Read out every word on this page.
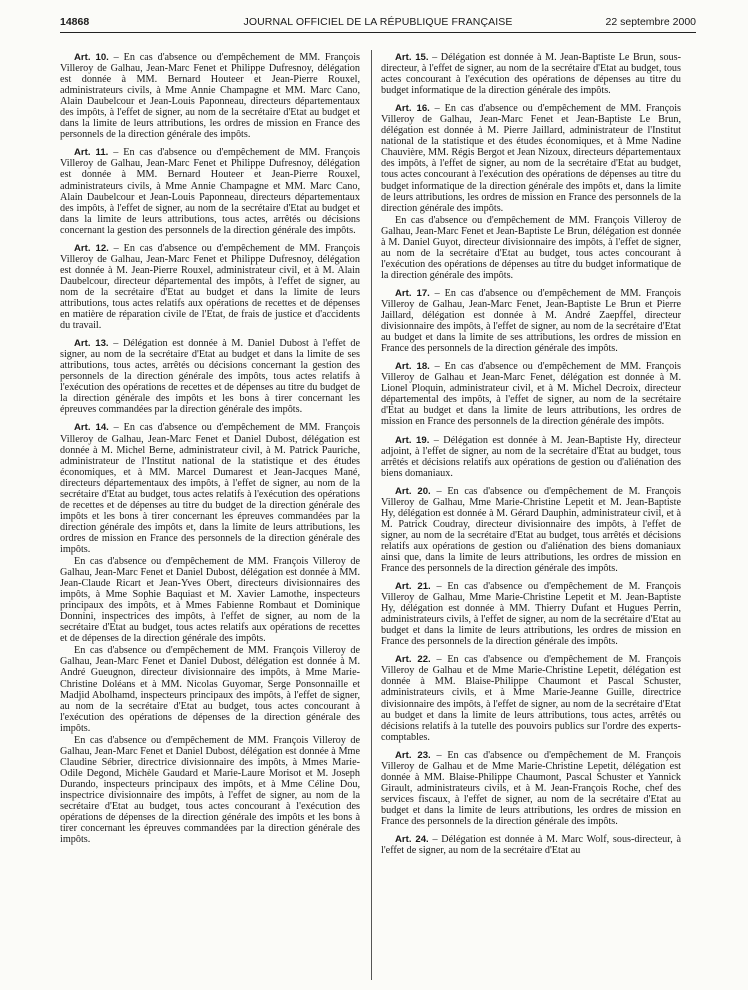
14868	JOURNAL OFFICIEL DE LA RÉPUBLIQUE FRANÇAISE	22 septembre 2000

Art. 10. – En cas d'absence ou d'empêchement de MM. François Villeroy de Galhau, Jean-Marc Fenet et Philippe Dufresnoy, délégation est donnée à MM. Bernard Houteer et Jean-Pierre Rouxel, administrateurs civils, à Mme Annie Champagne et MM. Marc Cano, Alain Daubelcour et Jean-Louis Paponneau, directeurs départementaux des impôts, à l'effet de signer, au nom de la secrétaire d'Etat au budget et dans la limite de leurs attributions, les ordres de mission en France des personnels de la direction générale des impôts.

Art. 11. – En cas d'absence ou d'empêchement de MM. François Villeroy de Galhau, Jean-Marc Fenet et Philippe Dufresnoy, délégation est donnée à MM. Bernard Houteer et Jean-Pierre Rouxel, administrateurs civils, à Mme Annie Champagne et MM. Marc Cano, Alain Daubelcour et Jean-Louis Paponneau, directeurs départementaux des impôts, à l'effet de signer, au nom de la secrétaire d'Etat au budget et dans la limite de leurs attributions, tous actes, arrêtés ou décisions concernant la gestion des personnels de la direction générale des impôts.

Art. 12. – En cas d'absence ou d'empêchement de MM. François Villeroy de Galhau, Jean-Marc Fenet et Philippe Dufresnoy, délégation est donnée à M. Jean-Pierre Rouxel, administrateur civil, et à M. Alain Daubelcour, directeur départemental des impôts, à l'effet de signer, au nom de la secrétaire d'Etat au budget et dans la limite de leurs attributions, tous actes relatifs aux opérations de recettes et de dépenses en matière de réparation civile de l'Etat, de frais de justice et d'accidents du travail.

Art. 13. – Délégation est donnée à M. Daniel Dubost à l'effet de signer, au nom de la secrétaire d'Etat au budget et dans la limite de ses attributions, tous actes, arrêtés ou décisions concernant la gestion des personnels de la direction générale des impôts, tous actes relatifs à l'exécution des opérations de recettes et de dépenses au titre du budget de la direction générale des impôts et les bons à tirer concernant les épreuves commandées par la direction générale des impôts.

Art. 14. – En cas d'absence ou d'empêchement de MM. François Villeroy de Galhau, Jean-Marc Fenet et Daniel Dubost, délégation est donnée à M. Michel Berne, administrateur civil, à M. Patrick Pauriche, administrateur de l'Institut national de la statistique et des études économiques, et à MM. Marcel Dumarest et Jean-Jacques Mané, directeurs départementaux des impôts, à l'effet de signer, au nom de la secrétaire d'Etat au budget, tous actes relatifs à l'exécution des opérations de recettes et de dépenses au titre du budget de la direction générale des impôts et les bons à tirer concernant les épreuves commandées par la direction générale des impôts et, dans la limite de leurs attributions, les ordres de mission en France des personnels de la direction générale des impôts.

En cas d'absence ou d'empêchement de MM. François Villeroy de Galhau, Jean-Marc Fenet et Daniel Dubost, délégation est donnée à MM. Jean-Claude Ricart et Jean-Yves Obert, directeurs divisionnaires des impôts, à Mme Sophie Baquiast et M. Xavier Lamothe, inspecteurs principaux des impôts, et à Mmes Fabienne Rombaut et Dominique Donnini, inspectrices des impôts, à l'effet de signer, au nom de la secrétaire d'Etat au budget, tous actes relatifs aux opérations de recettes et de dépenses de la direction générale des impôts.

En cas d'absence ou d'empêchement de MM. François Villeroy de Galhau, Jean-Marc Fenet et Daniel Dubost, délégation est donnée à M. André Gueugnon, directeur divisionnaire des impôts, à Mme Marie-Christine Doléans et à MM. Nicolas Guyomar, Serge Ponsonnaille et Madjid Abolhamd, inspecteurs principaux des impôts, à l'effet de signer, au nom de la secrétaire d'Etat au budget, tous actes concourant à l'exécution des opérations de dépenses de la direction générale des impôts.

En cas d'absence ou d'empêchement de MM. François Villeroy de Galhau, Jean-Marc Fenet et Daniel Dubost, délégation est donnée à Mme Claudine Sébrier, directrice divisionnaire des impôts, à Mmes Marie-Odile Degond, Michèle Gaudard et Marie-Laure Morisot et M. Joseph Durando, inspecteurs principaux des impôts, et à Mme Céline Dou, inspectrice divisionnaire des impôts, à l'effet de signer, au nom de la secrétaire d'Etat au budget, tous actes concourant à l'exécution des opérations de dépenses de la direction générale des impôts et les bons à tirer concernant les épreuves commandées par la direction générale des impôts.

Art. 15. – Délégation est donnée à M. Jean-Baptiste Le Brun, sous-directeur, à l'effet de signer, au nom de la secrétaire d'Etat au budget, tous actes concourant à l'exécution des opérations de dépenses au titre du budget informatique de la direction générale des impôts.

Art. 16. – En cas d'absence ou d'empêchement de MM. François Villeroy de Galhau, Jean-Marc Fenet et Jean-Baptiste Le Brun, délégation est donnée à M. Pierre Jaillard, administrateur de l'Institut national de la statistique et des études économiques, et à Mme Nadine Chauvière, MM. Régis Bergot et Jean Nizoux, directeurs départementaux des impôts, à l'effet de signer, au nom de la secrétaire d'Etat au budget, tous actes concourant à l'exécution des opérations de dépenses au titre du budget informatique de la direction générale des impôts et, dans la limite de leurs attributions, les ordres de mission en France des personnels de la direction générale des impôts.

En cas d'absence ou d'empêchement de MM. François Villeroy de Galhau, Jean-Marc Fenet et Jean-Baptiste Le Brun, délégation est donnée à M. Daniel Guyot, directeur divisionnaire des impôts, à l'effet de signer, au nom de la secrétaire d'Etat au budget, tous actes concourant à l'exécution des opérations de dépenses au titre du budget informatique de la direction générale des impôts.

Art. 17. – En cas d'absence ou d'empêchement de MM. François Villeroy de Galhau, Jean-Marc Fenet, Jean-Baptiste Le Brun et Pierre Jaillard, délégation est donnée à M. André Zaepffel, directeur divisionnaire des impôts, à l'effet de signer, au nom de la secrétaire d'Etat au budget et dans la limite de ses attributions, les ordres de mission en France des personnels de la direction générale des impôts.

Art. 18. – En cas d'absence ou d'empêchement de MM. François Villeroy de Galhau et Jean-Marc Fenet, délégation est donnée à M. Lionel Ploquin, administrateur civil, et à M. Michel Decroix, directeur départemental des impôts, à l'effet de signer, au nom de la secrétaire d'Etat au budget et dans la limite de leurs attributions, les ordres de mission en France des personnels de la direction générale des impôts.

Art. 19. – Délégation est donnée à M. Jean-Baptiste Hy, directeur adjoint, à l'effet de signer, au nom de la secrétaire d'Etat au budget, tous arrêtés et décisions relatifs aux opérations de gestion ou d'aliénation des biens domaniaux.

Art. 20. – En cas d'absence ou d'empêchement de M. François Villeroy de Galhau, Mme Marie-Christine Lepetit et M. Jean-Baptiste Hy, délégation est donnée à M. Gérard Dauphin, administrateur civil, et à M. Patrick Coudray, directeur divisionnaire des impôts, à l'effet de signer, au nom de la secrétaire d'Etat au budget, tous arrêtés et décisions relatifs aux opérations de gestion ou d'aliénation des biens domaniaux ainsi que, dans la limite de leurs attributions, les ordres de mission en France des personnels de la direction générale des impôts.

Art. 21. – En cas d'absence ou d'empêchement de M. François Villeroy de Galhau, Mme Marie-Christine Lepetit et M. Jean-Baptiste Hy, délégation est donnée à MM. Thierry Dufant et Hugues Perrin, administrateurs civils, à l'effet de signer, au nom de la secrétaire d'Etat au budget et dans la limite de leurs attributions, les ordres de mission en France des personnels de la direction générale des impôts.

Art. 22. – En cas d'absence ou d'empêchement de M. François Villeroy de Galhau et de Mme Marie-Christine Lepetit, délégation est donnée à MM. Blaise-Philippe Chaumont et Pascal Schuster, administrateurs civils, et à Mme Marie-Jeanne Guille, directrice divisionnaire des impôts, à l'effet de signer, au nom de la secrétaire d'Etat au budget et dans la limite de leurs attributions, tous actes, arrêtés ou décisions relatifs à la tutelle des pouvoirs publics sur l'ordre des experts-comptables.

Art. 23. – En cas d'absence ou d'empêchement de M. François Villeroy de Galhau et de Mme Marie-Christine Lepetit, délégation est donnée à MM. Blaise-Philippe Chaumont, Pascal Schuster et Yannick Girault, administrateurs civils, et à M. Jean-François Roche, chef des services fiscaux, à l'effet de signer, au nom de la secrétaire d'Etat au budget et dans la limite de leurs attributions, les ordres de mission en France des personnels de la direction générale des impôts.

Art. 24. – Délégation est donnée à M. Marc Wolf, sous-directeur, à l'effet de signer, au nom de la secrétaire d'Etat au
